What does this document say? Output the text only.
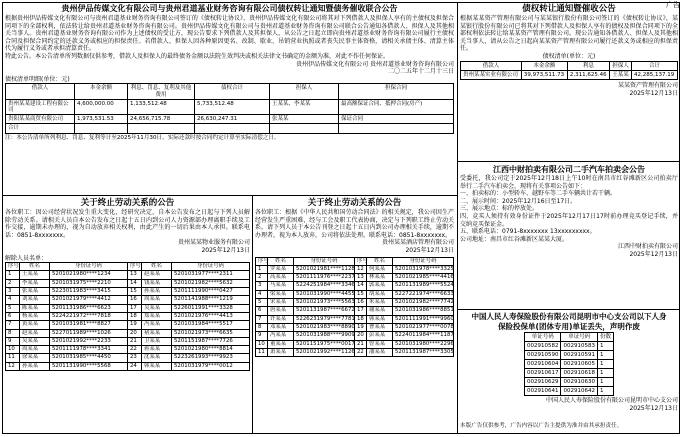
广告
贵州伊品传媒文化有限公司与贵州君道基业财务咨询有限公司债权转让通知暨债务催收联合公告

根据贵州伊品传媒文化有限公司与贵州君道基业财务咨询有限公司签订的《债权转让协议》，贵州伊品传媒文化有限公司将其对下列借款人及担保人享有的主债权及担保合同项下的全部权利，依法转让给贵州君道基业财务咨询有限公司。贵州伊品传媒文化有限公司与贵州君道基业财务咨询有限公司联合公告通知各借款人、担保人及其他相关当事人。贵州君道基业财务咨询有限公司作为上述债权的受让方，现公告要求下列借款人及其担保人，从公告之日起立即向贵州君道基业财务咨询有限公司履行主债权合同及担保合同约定的还款义务或相应的担保责任。若借款人、担保人因各种原因更名、改制、歇业、吊销营业执照或者丧失民事主体资格，请相关承债主体、清算主体代为履行义务或者承担清算责任。

特此公告。本公告清单所列数据仅供参考，借款人及担保人的最终债务金额以法院生效判决或相关法律文书确定的金额为准，对此不作任何保证。

贵州伊品传媒文化有限公司 贵州君道基业财务咨询有限公司
二〇二五年十二月十三日
债权清单明细(单位：元)
借款人	本金余额	利息、罚息、复利及其他费用	债权合计	担保人	担保合同
贵州某某建设工程有限公司	4,600,000.00	1,133,512.48	5,733,512.48	王某某、李某某	最高额保证合同、抵押合同(房产)
贵阳某某商贸有限公司	1,973,531.53	24,656,715.78	26,630,247.31	张某某	保证合同
合计					
注：本公告清单所列利息、罚息、复利等计至2025年11月30日，实际还款时按合同约定计算至实际清偿之日。
关于终止劳动关系的公告

各位职工：因公司经营状况发生重大变化，经研究决定，自本公告发布之日起与下列人员解除劳动关系。请相关人员自本公告发布之日起十五日内到公司人力资源部办理离职手续及工作交接，逾期未办理的，视为自动放弃相关权利，由此产生的一切后果由本人承担。联系电话：0851-8xxxxxxx。

贵州某某物业服务有限公司
2025年12月13日
解除人员名单：
序号	姓名	身份证号码	序号	姓名	身份证号码
1	王某某	5201021980****1234	13	赵某某	5201031977****2311
2	李某某	5201031975****2210	14	钱某某	5201021982****5632
3	张某某	5223011983****3415	15	孙某某	5201111990****0427
4	刘某某	5201021979****4412	16	周某某	5201141988****1219
5	陈某某	5201131986****6623	17	吴某某	5226011991****3328
6	杨某某	5224221972****7818	18	郑某某	5201021976****4413
7	黄某某	5201031981****8827	19	冯某某	5201031984****5517
8	赵某某	5227011989****1026	20	褚某某	5201021973****6635
9	吴某某	5201021992****2233	21	卫某某	5201151987****7726
10	周某某	5201111978****3341	22	蒋某某	5201021980****8814
11	徐某某	5201031985****4450	23	沈某某	5223261993****9923
12	孙某某	5201131990****5568	24	韩某某	5201031979****0012
关于终止劳动关系的公告

各位职工：根据《中华人民共和国劳动合同法》的相关规定，我公司因生产经营发生严重困难，经与工会及职工代表协商，决定与下列职工终止劳动关系。请下列人员于本公告刊登之日起十五日内到公司办理相关手续，逾期不办理者，视为本人放弃，公司将依法处理。联系电话：0851-8xxxxxxx。

贵州某某酒店管理有限公司
2025年12月13日
序号	姓名	身份证号码	序号	姓名	身份证号码
1	罗某某	5201021981****1128	12	何某某	5201031978****3325
2	高某某	5201111976****2237	13	林某某	5201021985****4416
3	马某某	5224251984****3346	14	郭某某	5201131989****5524
4	梁某某	5201031990****4455	15	胡某某	5227221974****6633
5	宋某某	5201021973****5563	16	朱某某	5201021982****7742
6	唐某某	5201131987****6672	17	谢某某	5201031986****8851
7	许某某	5226231979****7781	18	韩某某	5201111991****9960
8	邓某某	5201021983****8890	19	曹某某	5201021977****0078
9	冯某某	5201031988****9909	20	彭某某	5224011984****1187
10	董某某	5201151975****0017	21	曾某某	5201031980****2296
11	萧某某	5201021992****1126	22	潘某某	5201131987****3305
债权转让通知暨催收公告

根据某某资产管理有限公司与某某银行股份有限公司签订的《债权转让协议》，某某银行股份有限公司已将其对下列借款人及担保人享有的债权及担保合同项下的全部权利依法转让给某某资产管理有限公司。现公告通知各借款人、担保人及其他相关当事人，请从公告之日起向某某资产管理有限公司履行还款义务或相应的担保责任。

债权清单(单位：元)
借款人	本金余额	利息	担保人	合计
贵州某某实业有限公司	39,973,511.73	2,311,625.46	王某某	42,285,137.19
某某资产管理有限公司
2025年12月13日
江西中财拍卖有限公司二手汽车拍卖会公告

受委托，我公司定于2025年12月18日上午10时在南昌市红谷滩新区公司拍卖厅举行二手汽车拍卖会，现将有关事项公告如下：

一、拍卖标的：小型轿车、越野车等二手车辆共计若干辆。
二、展示时间：2025年12月16日至17日。
三、展示地点：标的停放处。
四、竞买人须持有效身份证件于2025年12月17日17时前办理竞买登记手续，并交纳竞买保证金。
五、联系电话：0791-8xxxxxxx 13xxxxxxxxx。
公司地址：南昌市红谷滩新区某某大厦。
江西中财拍卖有限公司
2025年12月13日
中国人民人寿保险股份有限公司昆明市中心支公司以下人身保险投保单(团体专用)单证丢失，声明作废
单证号码	单证号码	份数
002910582	002910583	1
002910590	002910591	1
002910604	002910605	1
002910617	002910618	1
002910629	002910630	1
002910641	002910642	1
中国人民人寿保险股份有限公司昆明市中心支公司
2025年12月13日
本版广告仅供参考，广告内容以广告主提供为准并由其承担责任。
